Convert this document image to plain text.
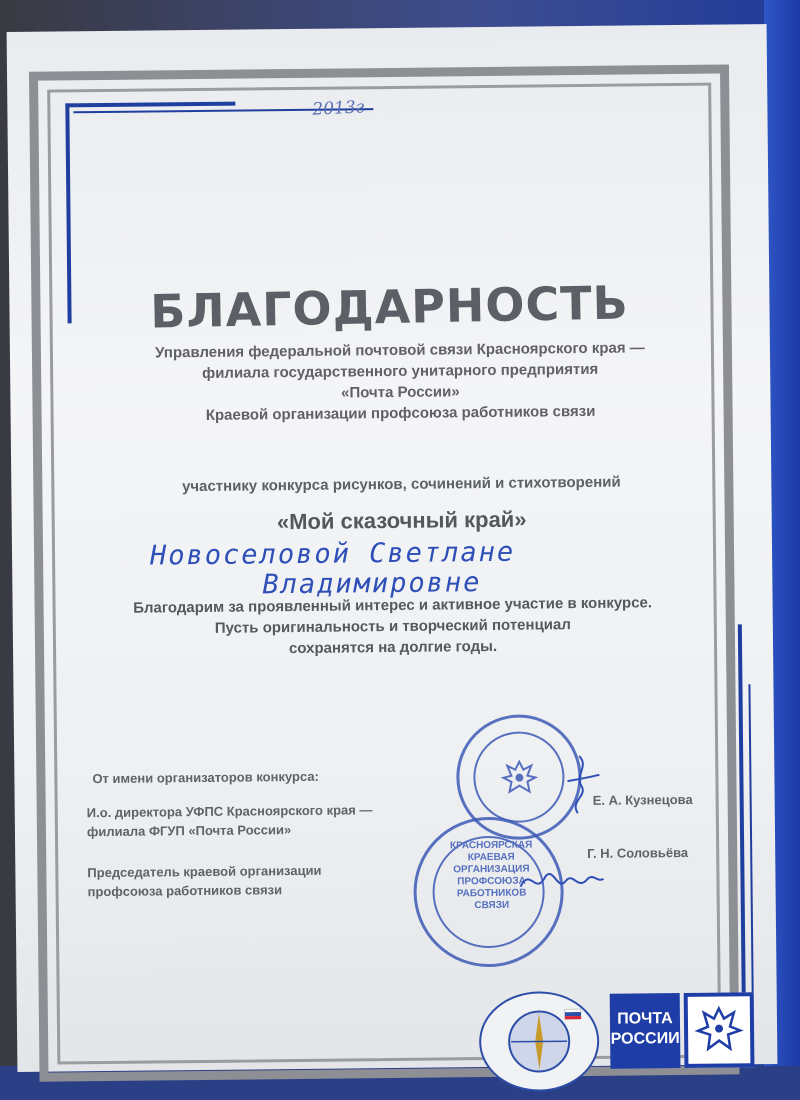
2013г
БЛАГОДАРНОСТЬ
Управления федеральной почтовой связи Красноярского края —
филиала государственного унитарного предприятия
«Почта России»
Краевой организации профсоюза работников связи
участнику конкурса рисунков, сочинений и стихотворений
«Мой сказочный край»
Новоселовой Светлане
Владимировне
Благодарим за проявленный интерес и активное участие в конкурсе.
Пусть оригинальность и творческий потенциал
сохранятся на долгие годы.
От имени организаторов конкурса:
И.о. директора УФПС Красноярского края —
филиала ФГУП «Почта России»
Е. А. Кузнецова
Председатель краевой организации
профсоюза работников связи
Г. Н. Соловьёва
КРАСНОЯРСКАЯ
КРАЕВАЯ
ОРГАНИЗАЦИЯ
ПРОФСОЮЗА
РАБОТНИКОВ
СВЯЗИ
ПОЧТА
РОССИИ
